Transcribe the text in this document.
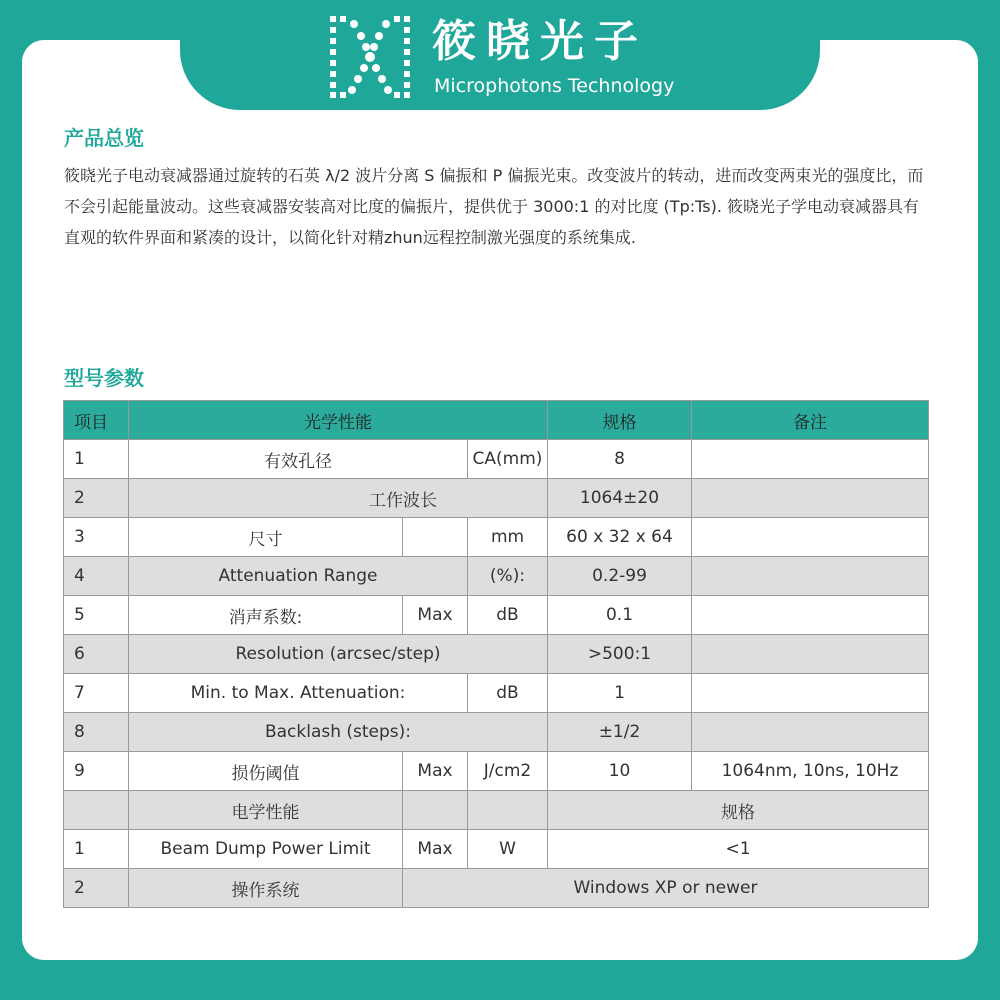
筱晓光子
Microphotons Technology
产品总览
筱晓光子电动衰减器通过旋转的石英 λ/2 波片分离 S 偏振和 P 偏振光束。改变波片的转动，进而改变两束光的强度比，而不会引起能量波动。这些衰减器安装高对比度的偏振片，提供优于 3000:1 的对比度 (Tp:Ts). 筱晓光子学电动衰减器具有直观的软件界面和紧凑的设计，以简化针对精zhun远程控制激光强度的系统集成.
型号参数
项目	光学性能			规格	备注
1	有效孔径		CA(mm)	8	
2	工作波长			1064±20	
3	尺寸		mm	60 x 32 x 64	
4	Attenuation Range		(%):	0.2-99	
5	消声系数:	Max	dB	0.1	
6	Resolution (arcsec/step)			>500:1	
7	Min. to Max. Attenuation:		dB	1	
8	Backlash (steps):			±1/2	
9	损伤阈值	Max	J/cm2	10	1064nm, 10ns, 10Hz
	电学性能			规格	
1	Beam Dump Power Limit	Max	W	<1	
2	操作系统	Windows XP or newer			
